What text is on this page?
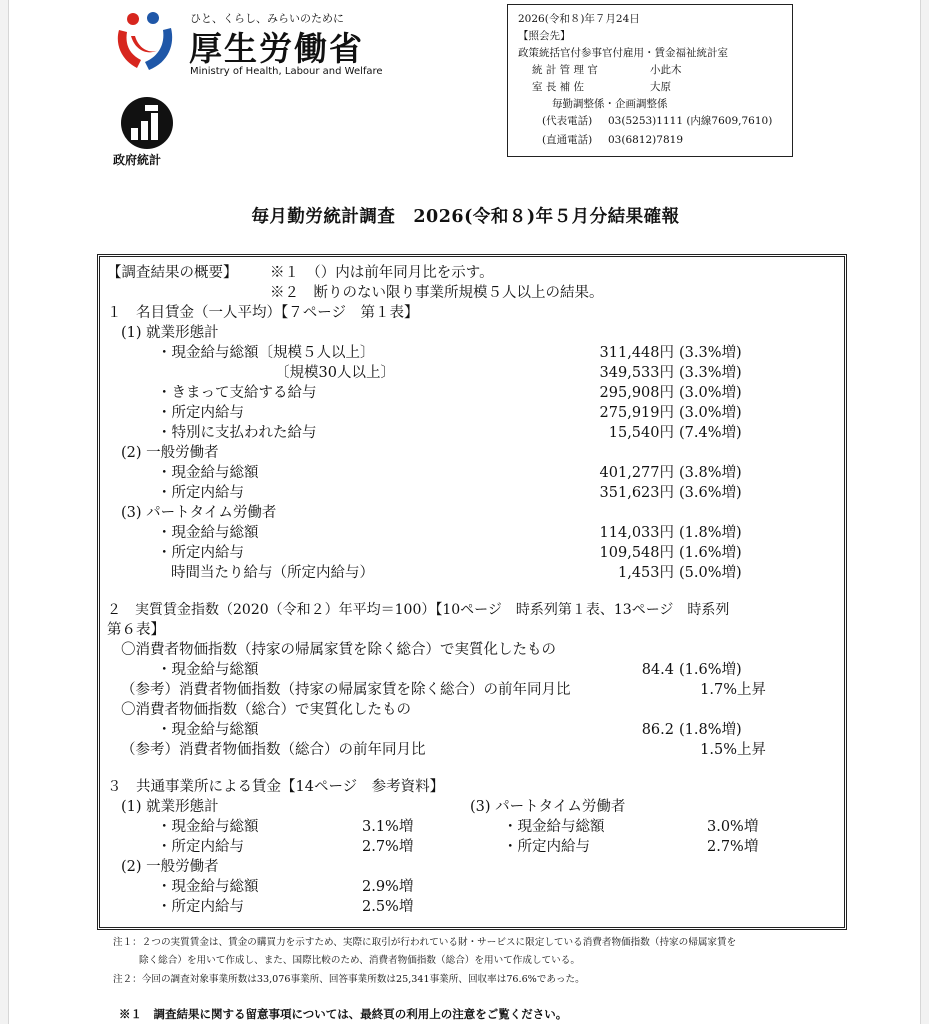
ひと、くらし、みらいのために
厚生労働省
Ministry of Health, Labour and Welfare
政府統計
2026(令和８)年７月24日
【照会先】
政策統括官付参事官付雇用・賃金福祉統計室
統 計 管 理 官	小此木
室 長 補 佐	大原
毎勤調整係・企画調整係
(代表電話) 03(5253)1111 (内線7609,7610)
(直通電話) 03(6812)7819
毎月勤労統計調査　2026(令和８)年５月分結果確報
【調査結果の概要】 ※１　（）内は前年同月比を示す。
※２　断りのない限り事業所規模５人以上の結果。
１　名目賃金（一人平均）【７ページ　第１表】
(1) 就業形態計
・現金給与総額〔規模５人以上〕	311,448円 (3.3%増)
〔規模30人以上〕	349,533円 (3.3%増)
・きまって支給する給与	295,908円 (3.0%増)
・所定内給与	275,919円 (3.0%増)
・特別に支払われた給与	15,540円 (7.4%増)
(2) 一般労働者
・現金給与総額	401,277円 (3.8%増)
・所定内給与	351,623円 (3.6%増)
(3) パートタイム労働者
・現金給与総額	114,033円 (1.8%増)
・所定内給与	109,548円 (1.6%増)
時間当たり給与（所定内給与）	1,453円 (5.0%増)
２　実質賃金指数（2020（令和２）年平均＝100）【10ページ　時系列第１表、13ページ　時系列
第６表】
〇消費者物価指数（持家の帰属家賃を除く総合）で実質化したもの
・現金給与総額	84.4 (1.6%増)
（参考）消費者物価指数（持家の帰属家賃を除く総合）の前年同月比	1.7%上昇
〇消費者物価指数（総合）で実質化したもの
・現金給与総額	86.2 (1.8%増)
（参考）消費者物価指数（総合）の前年同月比	1.5%上昇
３　共通事業所による賃金【14ページ　参考資料】
(1) 就業形態計
・現金給与総額	3.1%増
・所定内給与	2.7%増
(2) 一般労働者
・現金給与総額	2.9%増
・所定内給与	2.5%増
(3) パートタイム労働者
・現金給与総額	3.0%増
・所定内給与	2.7%増
注１：２つの実質賃金は、賃金の購買力を示すため、実際に取引が行われている財・サービスに限定している消費者物価指数（持家の帰属家賃を
除く総合）を用いて作成し、また、国際比較のため、消費者物価指数（総合）を用いて作成している。
注２：今回の調査対象事業所数は33,076事業所、回答事業所数は25,341事業所、回収率は76.6%であった。
※１　調査結果に関する留意事項については、最終頁の利用上の注意をご覧ください。
